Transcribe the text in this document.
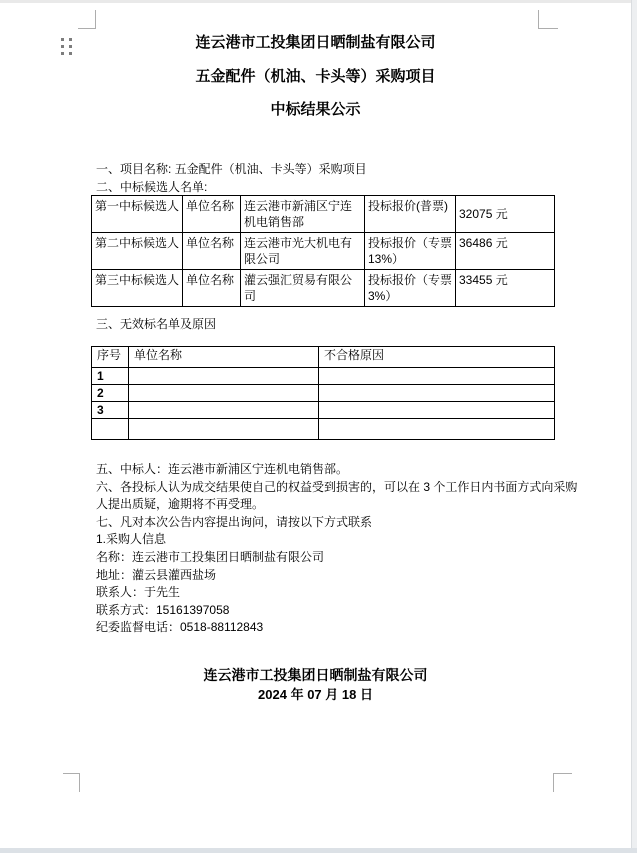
连云港市工投集团日晒制盐有限公司
五金配件（机油、卡头等）采购项目
中标结果公示
一、项目名称: 五金配件（机油、卡头等）采购项目
二、中标候选人名单:
第一中标候选人	单位名称	连云港市新浦区宁连机电销售部	投标报价(普票)	32075 元
第二中标候选人	单位名称	连云港市光大机电有限公司	投标报价（专票13%）	36486 元
第三中标候选人	单位名称	灌云强汇贸易有限公司	投标报价（专票3%）	33455 元
三、无效标名单及原因
序号	单位名称	不合格原因
1		
2		
3		

五、中标人：连云港市新浦区宁连机电销售部。
六、各投标人认为成交结果使自己的权益受到损害的，可以在 3 个工作日内书面方式向采购
人提出质疑，逾期将不再受理。
七、凡对本次公告内容提出询问，请按以下方式联系
1.采购人信息
名称：连云港市工投集团日晒制盐有限公司
地址：灌云县灌西盐场
联系人：于先生
联系方式：15161397058
纪委监督电话：0518-88112843
连云港市工投集团日晒制盐有限公司
2024 年 07 月 18 日
